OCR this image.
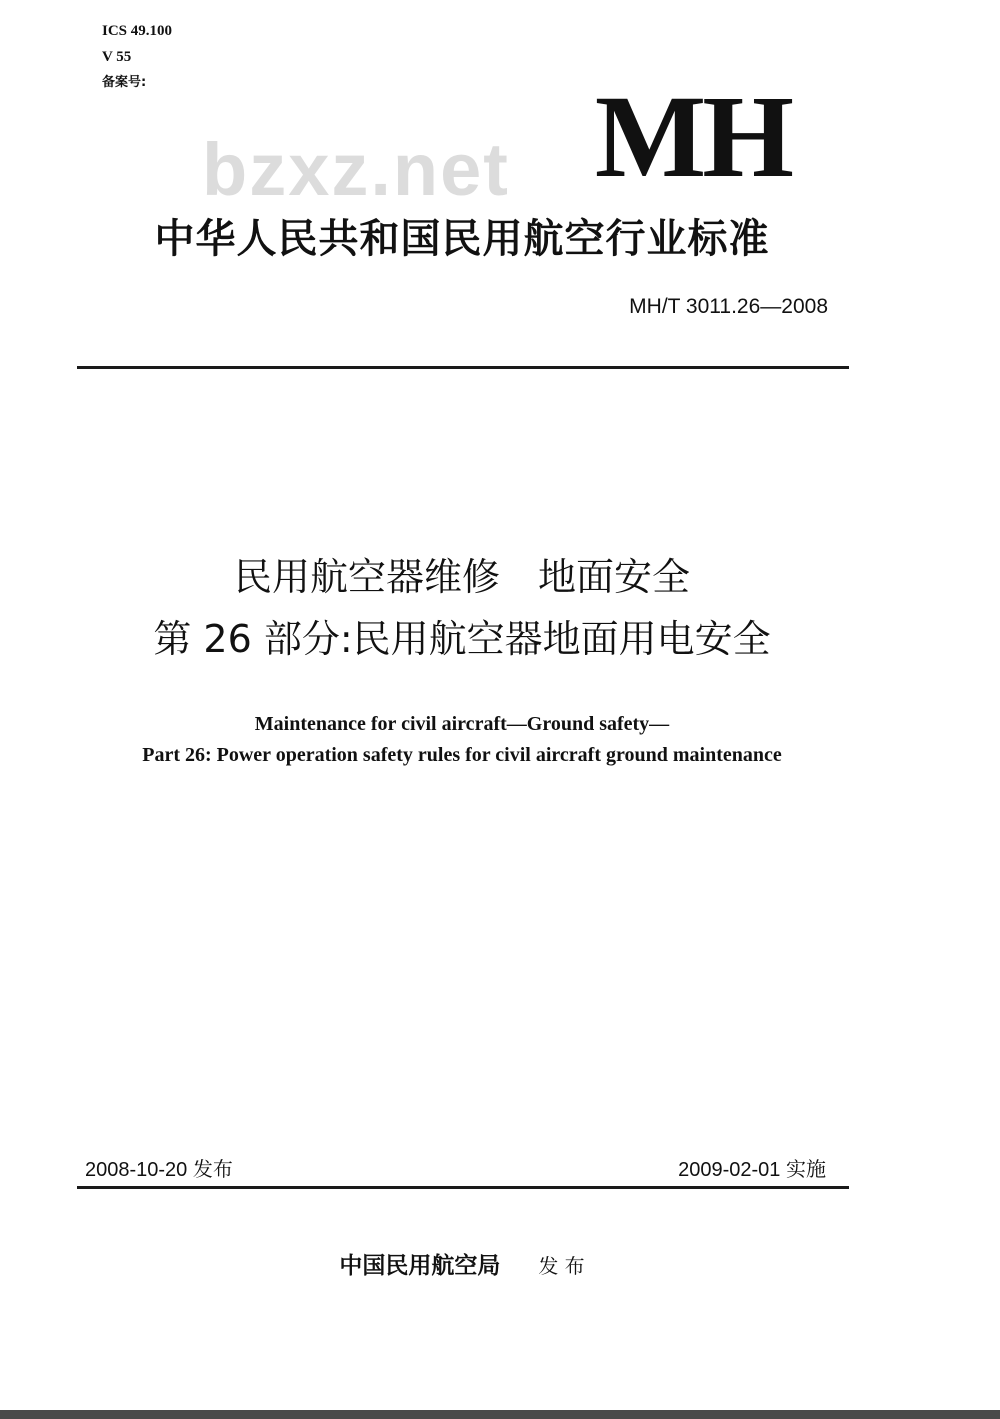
ICS 49.100
V 55
备案号:
bzxz.net MH
中华人民共和国民用航空行业标准
MH/T 3011.26—2008
民用航空器维修　地面安全
第 26 部分:民用航空器地面用电安全
Maintenance for civil aircraft—Ground safety—
Part 26: Power operation safety rules for civil aircraft ground maintenance
2008-10-20 发布	2009-02-01 实施
中国民用航空局 发 布
